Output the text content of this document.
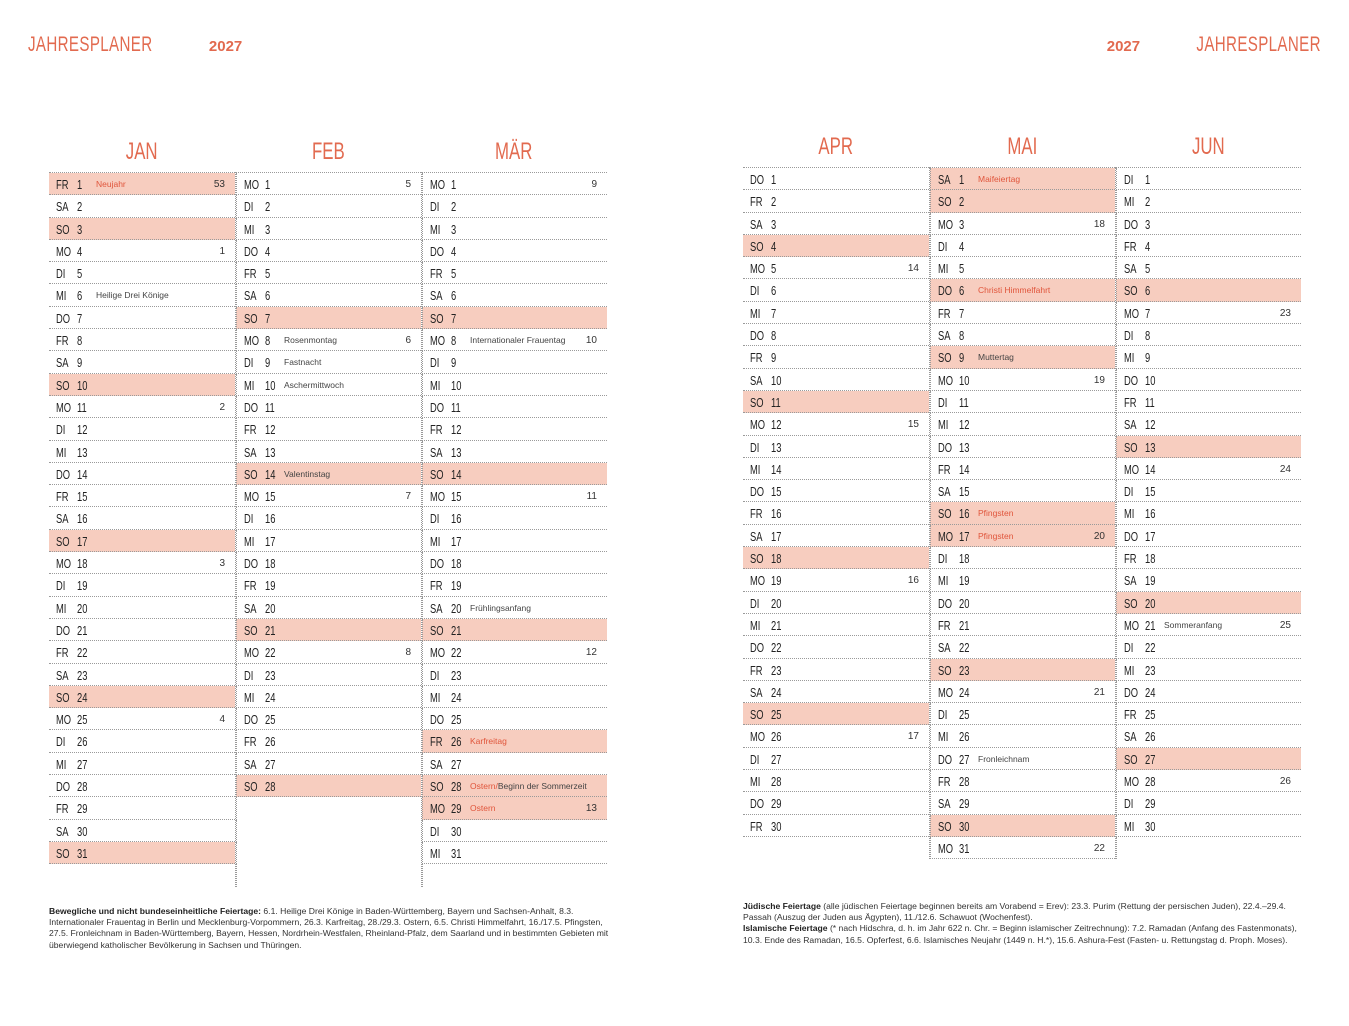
JAHRESPLANER	2027	2027	JAHRESPLANER
JAN
FR 1 Neujahr	53
SA 2
SO 3
MO 4	1
DI 5
MI 6 Heilige Drei Könige
DO 7
FR 8
SA 9
SO 10
MO 11	2
DI 12
MI 13
DO 14
FR 15
SA 16
SO 17
MO 18	3
DI 19
MI 20
DO 21
FR 22
SA 23
SO 24
MO 25	4
DI 26
MI 27
DO 28
FR 29
SA 30
SO 31
FEB
MO 1	5
DI 2
MI 3
DO 4
FR 5
SA 6
SO 7
MO 8 Rosenmontag	6
DI 9 Fastnacht
MI 10 Aschermittwoch
DO 11
FR 12
SA 13
SO 14 Valentinstag
MO 15	7
DI 16
MI 17
DO 18
FR 19
SA 20
SO 21
MO 22	8
DI 23
MI 24
DO 25
FR 26
SA 27
SO 28
MÄR
MO 1	9
DI 2
MI 3
DO 4
FR 5
SA 6
SO 7
MO 8 Internationaler Frauentag 10
DI 9
MI 10
DO 11
FR 12
SA 13
SO 14
MO 15	11
DI 16
MI 17
DO 18
FR 19
SA 20 Frühlingsanfang
SO 21
MO 22	12
DI 23
MI 24
DO 25
FR 26 Karfreitag
SA 27
SO 28 Ostern/Beginn der Sommerzeit
MO 29 Ostern	13
DI 30
MI 31
APR
DO 1
FR 2
SA 3
SO 4
MO 5	14
DI 6
MI 7
DO 8
FR 9
SA 10
SO 11
MO 12	15
DI 13
MI 14
DO 15
FR 16
SA 17
SO 18
MO 19	16
DI 20
MI 21
DO 22
FR 23
SA 24
SO 25
MO 26	17
DI 27
MI 28
DO 29
FR 30
MAI
SA 1 Maifeiertag
SO 2
MO 3	18
DI 4
MI 5
DO 6 Christi Himmelfahrt
FR 7
SA 8
SO 9 Muttertag
MO 10	19
DI 11
MI 12
DO 13
FR 14
SA 15
SO 16 Pfingsten
MO 17 Pfingsten	20
DI 18
MI 19
DO 20
FR 21
SA 22
SO 23
MO 24	21
DI 25
MI 26
DO 27 Fronleichnam
FR 28
SA 29
SO 30
MO 31	22
JUN
DI 1
MI 2
DO 3
FR 4
SA 5
SO 6
MO 7	23
DI 8
MI 9
DO 10
FR 11
SA 12
SO 13
MO 14	24
DI 15
MI 16
DO 17
FR 18
SA 19
SO 20
MO 21 Sommeranfang	25
DI 22
MI 23
DO 24
FR 25
SA 26
SO 27
MO 28	26
DI 29
MI 30
Bewegliche und nicht bundeseinheitliche Feiertage: 6.1. Heilige Drei Könige in Baden-Württemberg, Bayern und Sachsen-Anhalt, 8.3. Internationaler Frauentag in Berlin und Mecklenburg-Vorpommern, 26.3. Karfreitag, 28./29.3. Ostern, 6.5. Christi Himmelfahrt, 16./17.5. Pfingsten, 27.5. Fronleichnam in Baden-Württemberg, Bayern, Hessen, Nordrhein-Westfalen, Rheinland-Pfalz, dem Saarland und in bestimmten Gebieten mit überwiegend katholischer Bevölkerung in Sachsen und Thüringen.
Jüdische Feiertage (alle jüdischen Feiertage beginnen bereits am Vorabend = Erev): 23.3. Purim (Rettung der persischen Juden), 22.4.–29.4. Passah (Auszug der Juden aus Ägypten), 11./12.6. Schawuot (Wochenfest).
Islamische Feiertage (* nach Hidschra, d. h. im Jahr 622 n. Chr. = Beginn islamischer Zeitrechnung): 7.2. Ramadan (Anfang des Fastenmonats), 10.3. Ende des Ramadan, 16.5. Opferfest, 6.6. Islamisches Neujahr (1449 n. H.*), 15.6. Ashura-Fest (Fasten- u. Rettungstag d. Proph. Moses).
